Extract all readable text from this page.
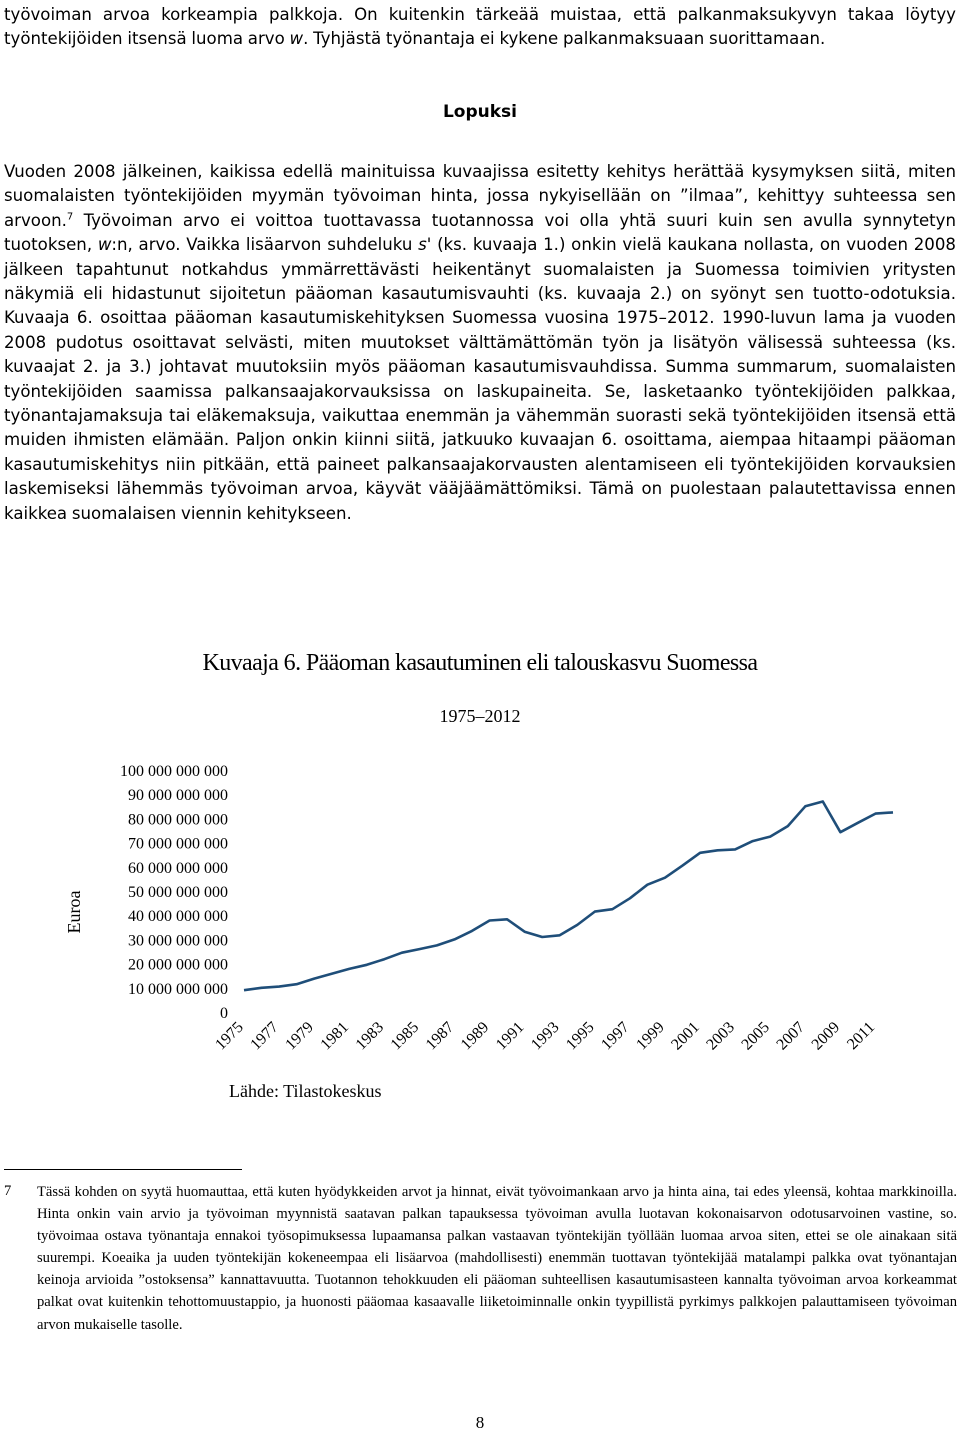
työvoiman arvoa korkeampia palkkoja. On kuitenkin tärkeää muistaa, että palkanmaksukyvyn takaa löytyy työntekijöiden itsensä luoma arvo w. Tyhjästä työnantaja ei kykene palkanmaksuaan suorittamaan.

Lopuksi

Vuoden 2008 jälkeinen, kaikissa edellä mainituissa kuvaajissa esitetty kehitys herättää kysymyksen siitä, miten suomalaisten työntekijöiden myymän työvoiman hinta, jossa nykyisellään on ”ilmaa”, kehittyy suhteessa sen arvoon.$^7$ Työvoiman arvo ei voittoa tuottavassa tuotannossa voi olla yhtä suuri kuin sen avulla synnytetyn tuotoksen, w:n, arvo. Vaikka lisäarvon suhdeluku s' (ks. kuvaaja 1.) onkin vielä kaukana nollasta, on vuoden 2008 jälkeen tapahtunut notkahdus ymmärrettävästi heikentänyt suomalaisten ja Suomessa toimivien yritysten näkymiä eli hidastunut sijoitetun pääoman kasautumisvauhti (ks. kuvaaja 2.) on syönyt sen tuotto-odotuksia. Kuvaaja 6. osoittaa pääoman kasautumiskehityksen Suomessa vuosina 1975–2012. 1990-luvun lama ja vuoden 2008 pudotus osoittavat selvästi, miten muutokset välttämättömän työn ja lisätyön välisessä suhteessa (ks. kuvaajat 2. ja 3.) johtavat muutoksiin myös pääoman kasautumisvauhdissa. Summa summarum, suomalaisten työntekijöiden saamissa palkansaajakorvauksissa on laskupaineita. Se, lasketaanko työntekijöiden palkkaa, työnantajamaksuja tai eläkemaksuja, vaikuttaa enemmän ja vähemmän suorasti sekä työntekijöiden itsensä että muiden ihmisten elämään. Paljon onkin kiinni siitä, jatkuuko kuvaajan 6. osoittama, aiempaa hitaampi pääoman kasautumiskehitys niin pitkään, että paineet palkansaajakorvausten alentamiseen eli työntekijöiden korvauksien laskemiseksi lähemmäs työvoiman arvoa, käyvät vääjäämättömiksi. Tämä on puolestaan palautettavissa ennen kaikkea suomalaisen viennin kehitykseen.

Kuvaaja 6. Pääoman kasautuminen eli talouskasvu Suomessa
1975–2012
0
10 000 000 000
20 000 000 000
30 000 000 000
40 000 000 000
50 000 000 000
60 000 000 000
70 000 000 000
80 000 000 000
90 000 000 000
100 000 000 000
1975 1977 1979 1981 1983 1985 1987 1989 1991 1993 1995 1997 1999 2001 2003 2005 2007 2009 2011
Euroa
Lähde: Tilastokeskus
7 Tässä kohden on syytä huomauttaa, että kuten hyödykkeiden arvot ja hinnat, eivät työvoimankaan arvo ja hinta aina, tai edes yleensä, kohtaa markkinoilla. Hinta onkin vain arvio ja työvoiman myynnistä saatavan palkan tapauksessa työvoiman avulla luotavan kokonaisarvon odotusarvoinen vastine, so. työvoimaa ostava työnantaja ennakoi työsopimuksessa lupaamansa palkan vastaavan työntekijän työllään luomaa arvoa siten, ettei se ole ainakaan sitä suurempi. Koeaika ja uuden työntekijän kokeneempaa eli lisäarvoa (mahdollisesti) enemmän tuottavan työntekijää matalampi palkka ovat työnantajan keinoja arvioida ”ostoksensa” kannattavuutta. Tuotannon tehokkuuden eli pääoman suhteellisen kasautumisasteen kannalta työvoiman arvoa korkeammat palkat ovat kuitenkin tehottomuustappio, ja huonosti pääomaa kasaavalle liiketoiminnalle onkin tyypillistä pyrkimys palkkojen palauttamiseen työvoiman arvon mukaiselle tasolle.

8
